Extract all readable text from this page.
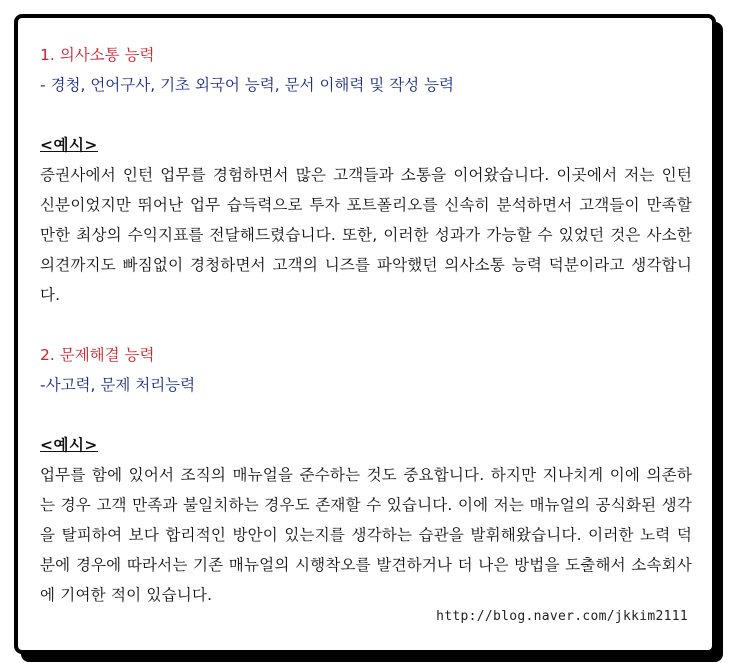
1. 의사소통 능력
- 경청, 언어구사, 기초 외국어 능력, 문서 이해력 및 작성 능력
<예시>

증권사에서 인턴 업무를 경험하면서 많은 고객들과 소통을 이어왔습니다. 이곳에서 저는 인턴 신분이었지만 뛰어난 업무 습득력으로 투자 포트폴리오를 신속히 분석하면서 고객들이 만족할만한 최상의 수익지표를 전달해드렸습니다. 또한, 이러한 성과가 가능할 수 있었던 것은 사소한 의견까지도 빠짐없이 경청하면서 고객의 니즈를 파악했던 의사소통 능력 덕분이라고 생각합니다.

2. 문제해결 능력
-사고력, 문제 처리능력
<예시>

업무를 함에 있어서 조직의 매뉴얼을 준수하는 것도 중요합니다. 하지만 지나치게 이에 의존하는 경우 고객 만족과 불일치하는 경우도 존재할 수 있습니다. 이에 저는 매뉴얼의 공식화된 생각을 탈피하여 보다 합리적인 방안이 있는지를 생각하는 습관을 발휘해왔습니다. 이러한 노력 덕분에 경우에 따라서는 기존 매뉴얼의 시행착오를 발견하거나 더 나은 방법을 도출해서 소속회사에 기여한 적이 있습니다.

http://blog.naver.com/jkkim2111
